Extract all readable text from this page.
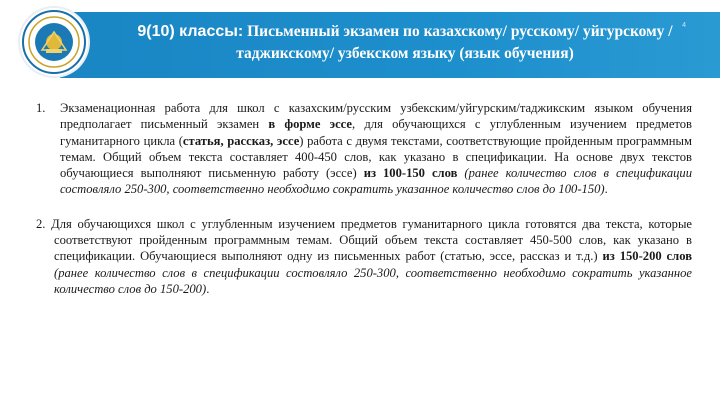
9(10) классы: Письменный экзамен по казахскому/ русскому/ уйгурскому / таджикскому/ узбекском языку (язык обучения)
4
1. Экзаменационная работа для школ с казахским/русским узбекским/уйгурским/таджикским языком обучения предполагает письменный экзамен в форме эссе, для обучающихся с углубленным изучением предметов гуманитарного цикла (статья, рассказ, эссе) работа с двумя текстами, соответствующие пройденным программным темам. Общий объем текста составляет 400-450 слов, как указано в спецификации. На основе двух текстов обучающиеся выполняют письменную работу (эссе) из 100-150 слов (ранее количество слов в спецификации состовляло 250-300, соответственно необходимо сократить указанное количество слов до 100-150).
2. Для обучающихся школ с углубленным изучением предметов гуманитарного цикла готовятся два текста, которые соответствуют пройденным программным темам. Общий объем текста составляет 450-500 слов, как указано в спецификации. Обучающиеся выполняют одну из письменных работ (статью, эссе, рассказ и т.д.) из 150-200 слов (ранее количество слов в спецификации состовляло 250-300, соответственно необходимо сократить указанное количество слов до 150-200).
